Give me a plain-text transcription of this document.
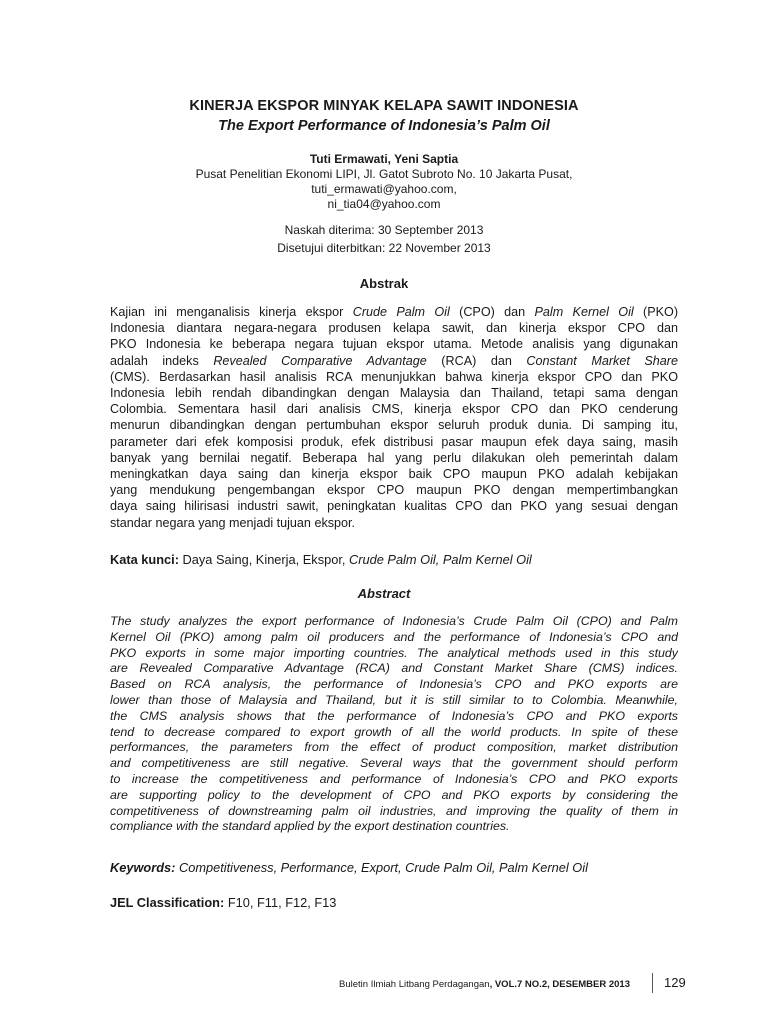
KINERJA EKSPOR MINYAK KELAPA SAWIT INDONESIA
The Export Performance of Indonesia’s Palm Oil
Tuti Ermawati, Yeni Saptia
Pusat Penelitian Ekonomi LIPI, Jl. Gatot Subroto No. 10 Jakarta Pusat,
tuti_ermawati@yahoo.com,
ni_tia04@yahoo.com
Naskah diterima: 30 September 2013
Disetujui diterbitkan: 22 November 2013
Abstrak
Kajian ini menganalisis kinerja ekspor Crude Palm Oil (CPO) dan Palm Kernel Oil (PKO)
Indonesia diantara negara-negara produsen kelapa sawit, dan kinerja ekspor CPO dan
PKO Indonesia ke beberapa negara tujuan ekspor utama. Metode analisis yang digunakan
adalah indeks Revealed Comparative Advantage (RCA) dan Constant Market Share
(CMS). Berdasarkan hasil analisis RCA menunjukkan bahwa kinerja ekspor CPO dan PKO
Indonesia lebih rendah dibandingkan dengan Malaysia dan Thailand, tetapi sama dengan
Colombia. Sementara hasil dari analisis CMS, kinerja ekspor CPO dan PKO cenderung
menurun dibandingkan dengan pertumbuhan ekspor seluruh produk dunia. Di samping itu,
parameter dari efek komposisi produk, efek distribusi pasar maupun efek daya saing, masih
banyak yang bernilai negatif. Beberapa hal yang perlu dilakukan oleh pemerintah dalam
meningkatkan daya saing dan kinerja ekspor baik CPO maupun PKO adalah kebijakan
yang mendukung pengembangan ekspor CPO maupun PKO dengan mempertimbangkan
daya saing hilirisasi industri sawit, peningkatan kualitas CPO dan PKO yang sesuai dengan
standar negara yang menjadi tujuan ekspor.
Kata kunci: Daya Saing, Kinerja, Ekspor, Crude Palm Oil, Palm Kernel Oil
Abstract
The study analyzes the export performance of Indonesia’s Crude Palm Oil (CPO) and Palm
Kernel Oil (PKO) among palm oil producers and the performance of Indonesia’s CPO and
PKO exports in some major importing countries. The analytical methods used in this study
are Revealed Comparative Advantage (RCA) and Constant Market Share (CMS) indices.
Based on RCA analysis, the performance of Indonesia’s CPO and PKO exports are
lower than those of Malaysia and Thailand, but it is still similar to to Colombia. Meanwhile,
the CMS analysis shows that the performance of Indonesia’s CPO and PKO exports
tend to decrease compared to export growth of all the world products. In spite of these
performances, the parameters from the effect of product composition, market distribution
and competitiveness are still negative. Several ways that the government should perform
to increase the competitiveness and performance of Indonesia’s CPO and PKO exports
are supporting policy to the development of CPO and PKO exports by considering the
competitiveness of downstreaming palm oil industries, and improving the quality of them in
compliance with the standard applied by the export destination countries.
Keywords: Competitiveness, Performance, Export, Crude Palm Oil, Palm Kernel Oil
JEL Classification: F10, F11, F12, F13
Buletin Ilmiah Litbang Perdagangan, VOL.7 NO.2, DESEMBER 2013	129
